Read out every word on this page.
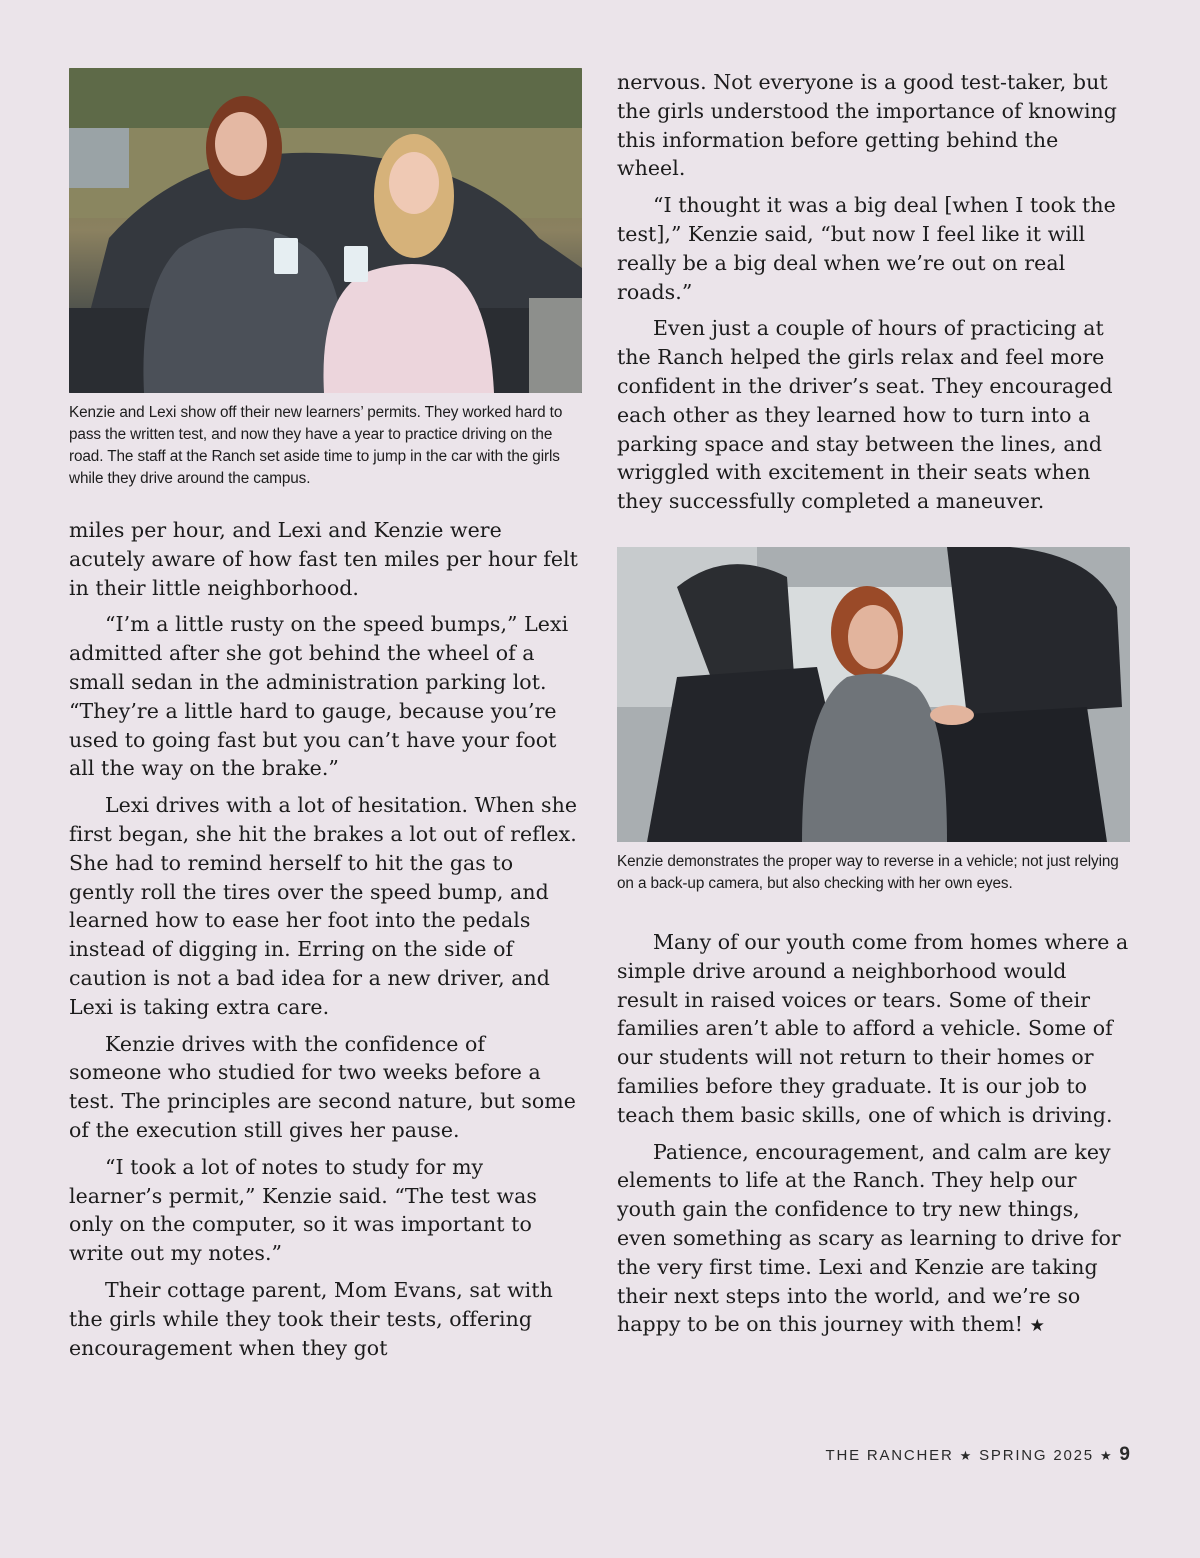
Kenzie and Lexi show off their new learners’ permits. They worked hard to pass the written test, and now they have a year to practice driving on the road. The staff at the Ranch set aside time to jump in the car with the girls while they drive around the campus.

miles per hour, and Lexi and Kenzie were acutely aware of how fast ten miles per hour felt in their little neighborhood.

“I’m a little rusty on the speed bumps,” Lexi admitted after she got behind the wheel of a small sedan in the administration parking lot. “They’re a little hard to gauge, because you’re used to going fast but you can’t have your foot all the way on the brake.”

Lexi drives with a lot of hesitation. When she first began, she hit the brakes a lot out of reflex. She had to remind herself to hit the gas to gently roll the tires over the speed bump, and learned how to ease her foot into the pedals instead of digging in. Erring on the side of caution is not a bad idea for a new driver, and Lexi is taking extra care.

Kenzie drives with the confidence of someone who studied for two weeks before a test. The principles are second nature, but some of the execution still gives her pause.

“I took a lot of notes to study for my learner’s permit,” Kenzie said. “The test was only on the computer, so it was important to write out my notes.”

Their cottage parent, Mom Evans, sat with the girls while they took their tests, offering encouragement when they got

nervous. Not everyone is a good test-taker, but the girls understood the importance of knowing this information before getting behind the wheel.

“I thought it was a big deal [when I took the test],” Kenzie said, “but now I feel like it will really be a big deal when we’re out on real roads.”

Even just a couple of hours of practicing at the Ranch helped the girls relax and feel more confident in the driver’s seat. They encouraged each other as they learned how to turn into a parking space and stay between the lines, and wriggled with excitement in their seats when they successfully completed a maneuver.

Kenzie demonstrates the proper way to reverse in a vehicle; not just relying on a back-up camera, but also checking with her own eyes.

Many of our youth come from homes where a simple drive around a neighborhood would result in raised voices or tears. Some of their families aren’t able to afford a vehicle. Some of our students will not return to their homes or families before they graduate. It is our job to teach them basic skills, one of which is driving.

Patience, encouragement, and calm are key elements to life at the Ranch. They help our youth gain the confidence to try new things, even something as scary as learning to drive for the very first time. Lexi and Kenzie are taking their next steps into the world, and we’re so happy to be on this journey with them! ★

THE RANCHER ★ SPRING 2025 ★ 9
